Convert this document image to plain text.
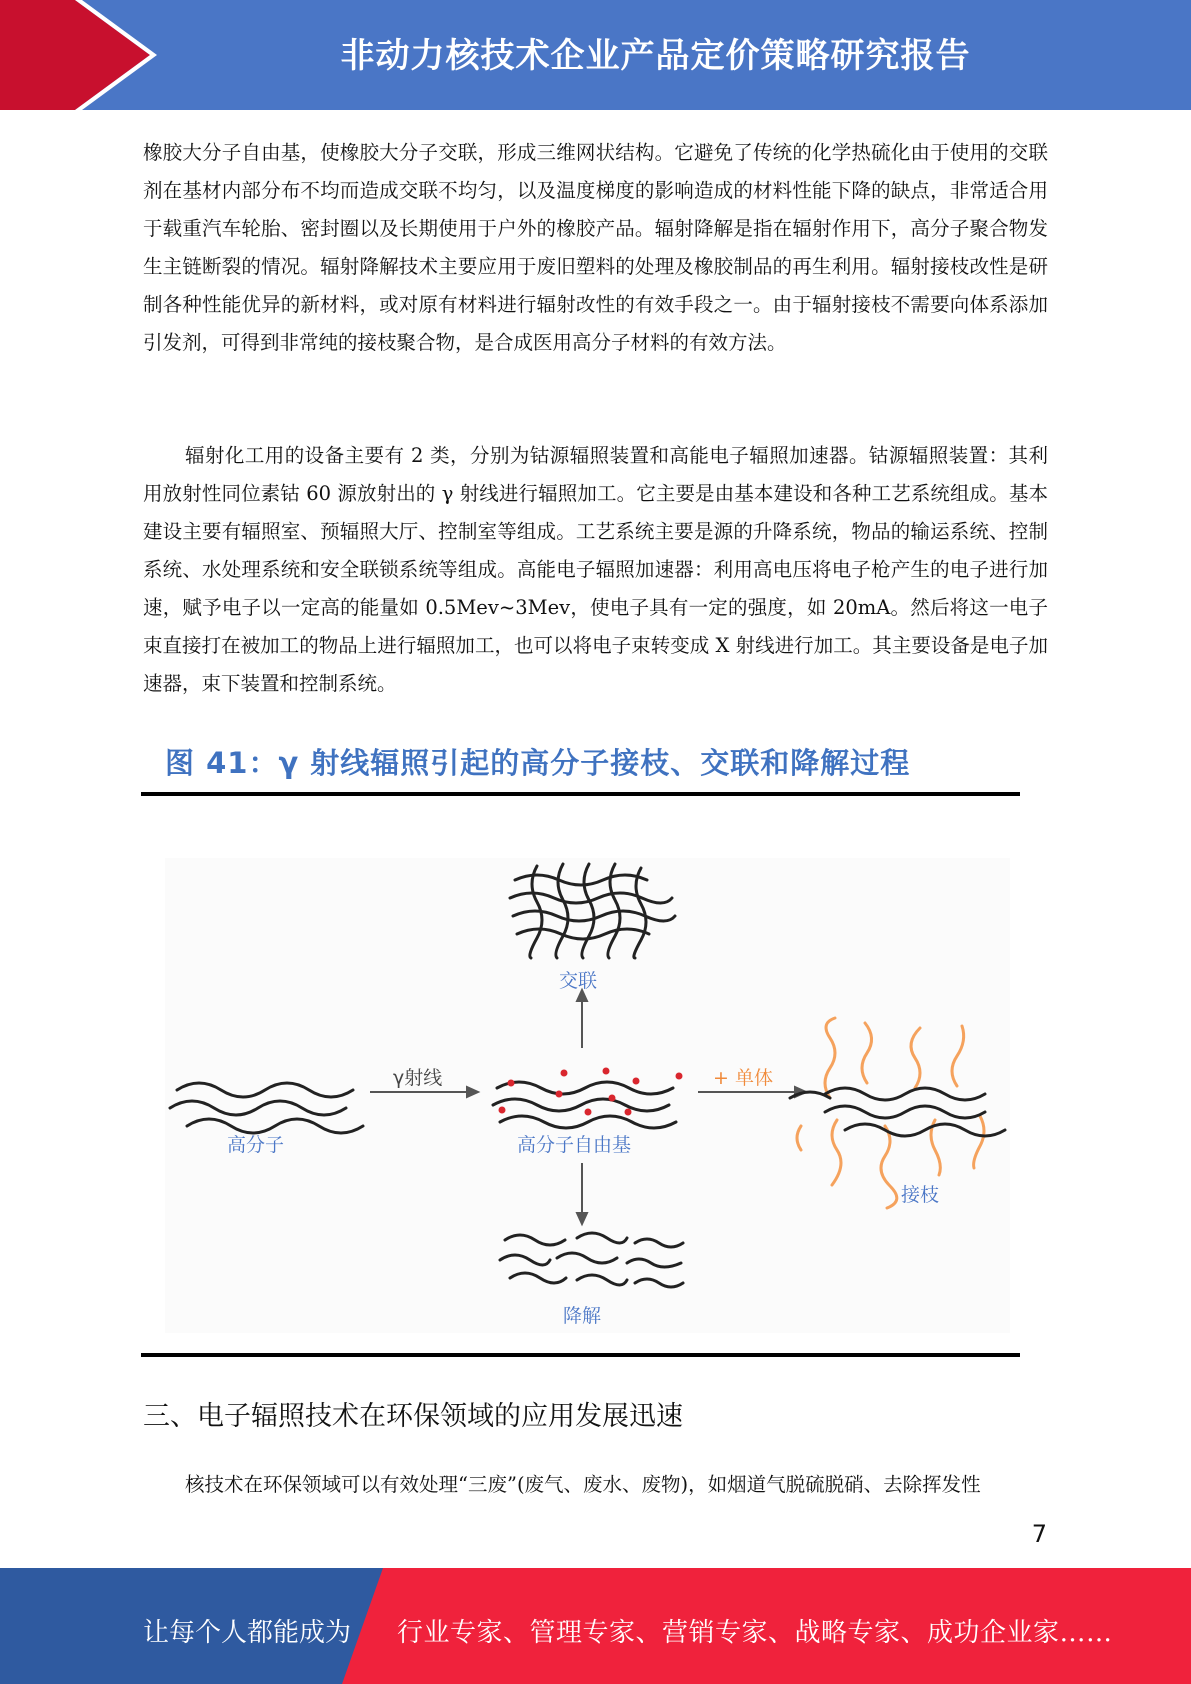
非动力核技术企业产品定价策略研究报告

橡胶大分子自由基，使橡胶大分子交联，形成三维网状结构。它避免了传统的化学热硫化由于使用的交联剂在基材内部分布不均而造成交联不均匀，以及温度梯度的影响造成的材料性能下降的缺点，非常适合用于载重汽车轮胎、密封圈以及长期使用于户外的橡胶产品。辐射降解是指在辐射作用下，高分子聚合物发生主链断裂的情况。辐射降解技术主要应用于废旧塑料的处理及橡胶制品的再生利用。辐射接枝改性是研制各种性能优异的新材料，或对原有材料进行辐射改性的有效手段之一。由于辐射接枝不需要向体系添加引发剂，可得到非常纯的接枝聚合物，是合成医用高分子材料的有效方法。

辐射化工用的设备主要有 2 类，分别为钴源辐照装置和高能电子辐照加速器。钴源辐照装置：其利用放射性同位素钴 60 源放射出的 γ 射线进行辐照加工。它主要是由基本建设和各种工艺系统组成。基本建设主要有辐照室、预辐照大厅、控制室等组成。工艺系统主要是源的升降系统，物品的输运系统、控制系统、水处理系统和安全联锁系统等组成。高能电子辐照加速器：利用高电压将电子枪产生的电子进行加速，赋予电子以一定高的能量如 0.5Mev~3Mev，使电子具有一定的强度，如 20mA。然后将这一电子束直接打在被加工的物品上进行辐照加工，也可以将电子束转变成 X 射线进行加工。其主要设备是电子加速器，束下装置和控制系统。

图 41：γ 射线辐照引起的高分子接枝、交联和降解过程
高分子
γ射线
高分子自由基
交联
降解
+ 单体
接枝
三、电子辐照技术在环保领域的应用发展迅速

核技术在环保领域可以有效处理“三废”(废气、废水、废物)，如烟道气脱硫脱硝、去除挥发性

7
让每个人都能成为 行业专家、管理专家、营销专家、战略专家、成功企业家……
